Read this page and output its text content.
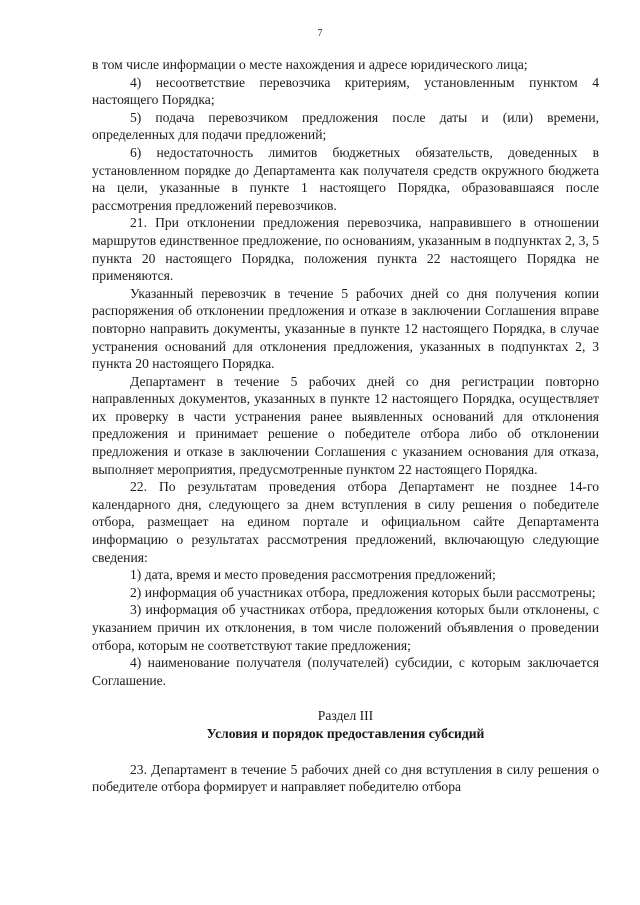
7

в том числе информации о месте нахождения и адресе юридического лица;

4) несоответствие перевозчика критериям, установленным пунктом 4 настоящего Порядка;

5) подача перевозчиком предложения после даты и (или) времени, определенных для подачи предложений;

6) недостаточность лимитов бюджетных обязательств, доведенных в установленном порядке до Департамента как получателя средств окружного бюджета на цели, указанные в пункте 1 настоящего Порядка, образовавшаяся после рассмотрения предложений перевозчиков.

21. При отклонении предложения перевозчика, направившего в отношении маршрутов единственное предложение, по основаниям, указанным в подпунктах 2, 3, 5 пункта 20 настоящего Порядка, положения пункта 22 настоящего Порядка не применяются.

Указанный перевозчик в течение 5 рабочих дней со дня получения копии распоряжения об отклонении предложения и отказе в заключении Соглашения вправе повторно направить документы, указанные в пункте 12 настоящего Порядка, в случае устранения оснований для отклонения предложения, указанных в подпунктах 2, 3 пункта 20 настоящего Порядка.

Департамент в течение 5 рабочих дней со дня регистрации повторно направленных документов, указанных в пункте 12 настоящего Порядка, осуществляет их проверку в части устранения ранее выявленных оснований для отклонения предложения и принимает решение о победителе отбора либо об отклонении предложения и отказе в заключении Соглашения с указанием основания для отказа, выполняет мероприятия, предусмотренные пунктом 22 настоящего Порядка.

22. По результатам проведения отбора Департамент не позднее 14-го календарного дня, следующего за днем вступления в силу решения о победителе отбора, размещает на едином портале и официальном сайте Департамента информацию о результатах рассмотрения предложений, включающую следующие сведения:

1) дата, время и место проведения рассмотрения предложений;

2) информация об участниках отбора, предложения которых были рассмотрены;

3) информация об участниках отбора, предложения которых были отклонены, с указанием причин их отклонения, в том числе положений объявления о проведении отбора, которым не соответствуют такие предложения;

4) наименование получателя (получателей) субсидии, с которым заключается Соглашение.

Раздел III

Условия и порядок предоставления субсидий

23. Департамент в течение 5 рабочих дней со дня вступления в силу решения о победителе отбора формирует и направляет победителю отбора
